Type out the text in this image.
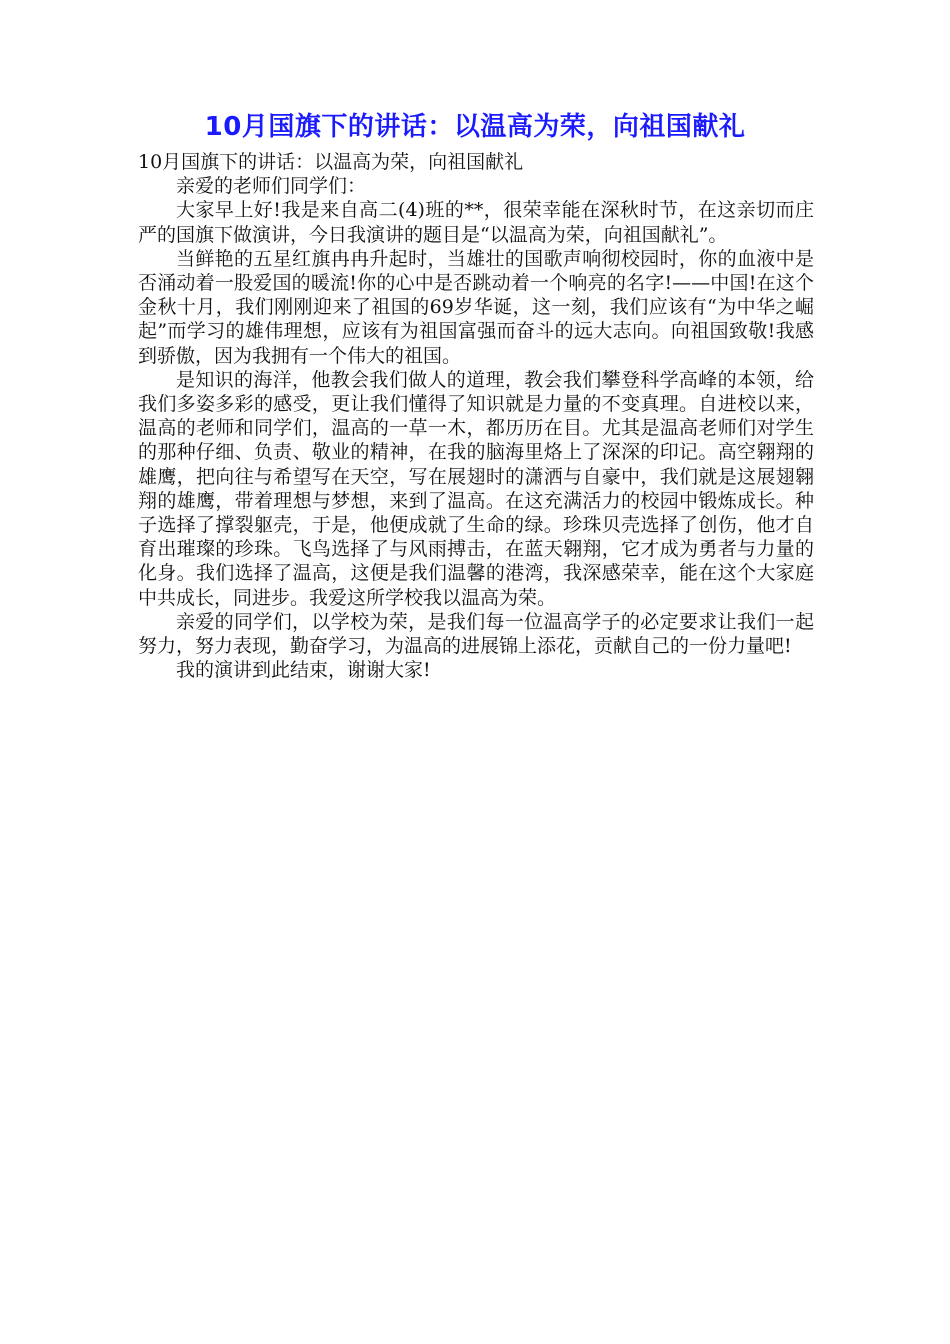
10月国旗下的讲话：以温高为荣，向祖国献礼

10月国旗下的讲话：以温高为荣，向祖国献礼

亲爱的老师们同学们：

大家早上好!我是来自高二(4)班的**，很荣幸能在深秋时节，在这亲切而庄严的国旗下做演讲，今日我演讲的题目是“以温高为荣，向祖国献礼”。

当鲜艳的五星红旗冉冉升起时，当雄壮的国歌声响彻校园时，你的血液中是否涌动着一股爱国的暖流!你的心中是否跳动着一个响亮的名字!——中国!在这个金秋十月，我们刚刚迎来了祖国的69岁华诞，这一刻，我们应该有“为中华之崛起”而学习的雄伟理想，应该有为祖国富强而奋斗的远大志向。向祖国致敬!我感到骄傲，因为我拥有一个伟大的祖国。

是知识的海洋，他教会我们做人的道理，教会我们攀登科学高峰的本领，给我们多姿多彩的感受，更让我们懂得了知识就是力量的不变真理。自进校以来，温高的老师和同学们，温高的一草一木，都历历在目。尤其是温高老师们对学生的那种仔细、负责、敬业的精神，在我的脑海里烙上了深深的印记。高空翱翔的雄鹰，把向往与希望写在天空，写在展翅时的潇洒与自豪中，我们就是这展翅翱翔的雄鹰，带着理想与梦想，来到了温高。在这充满活力的校园中锻炼成长。种子选择了撑裂躯壳，于是，他便成就了生命的绿。珍珠贝壳选择了创伤，他才自育出璀璨的珍珠。飞鸟选择了与风雨搏击，在蓝天翱翔，它才成为勇者与力量的化身。我们选择了温高，这便是我们温馨的港湾，我深感荣幸，能在这个大家庭中共成长，同进步。我爱这所学校我以温高为荣。

亲爱的同学们，以学校为荣，是我们每一位温高学子的必定要求让我们一起努力，努力表现，勤奋学习，为温高的进展锦上添花，贡献自己的一份力量吧!

我的演讲到此结束，谢谢大家!
